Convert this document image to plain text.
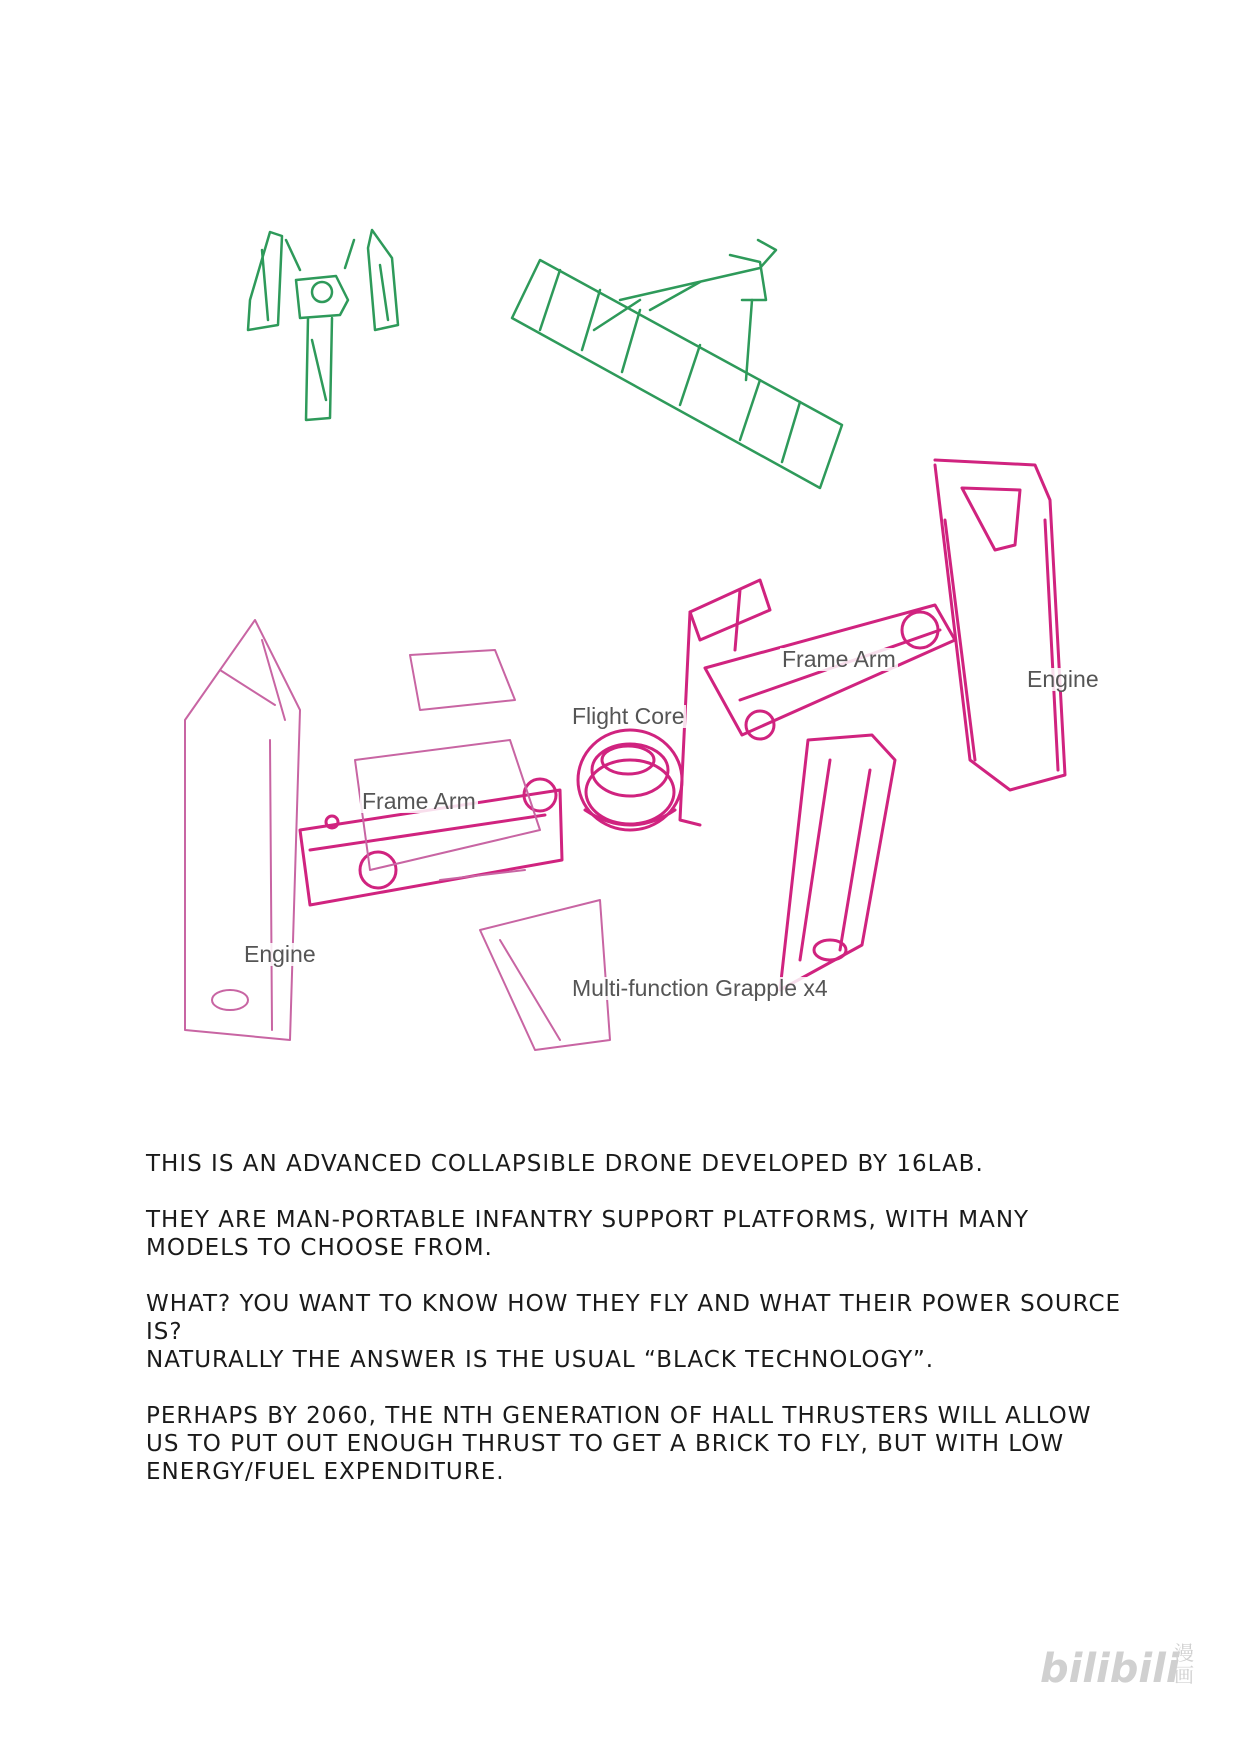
Frame Arm
Frame Arm
Flight Core
Engine
Engine
Multi-function Grapple x4

THIS IS AN ADVANCED COLLAPSIBLE DRONE DEVELOPED BY 16LAB.

THEY ARE MAN-PORTABLE INFANTRY SUPPORT PLATFORMS, WITH MANY MODELS TO CHOOSE FROM.

WHAT? YOU WANT TO KNOW HOW THEY FLY AND WHAT THEIR POWER SOURCE IS?
NATURALLY THE ANSWER IS THE USUAL “BLACK TECHNOLOGY”.

PERHAPS BY 2060, THE NTH GENERATION OF HALL THRUSTERS WILL ALLOW US TO PUT OUT ENOUGH THRUST TO GET A BRICK TO FLY, BUT WITH LOW ENERGY/FUEL EXPENDITURE.

bilibili
漫画
